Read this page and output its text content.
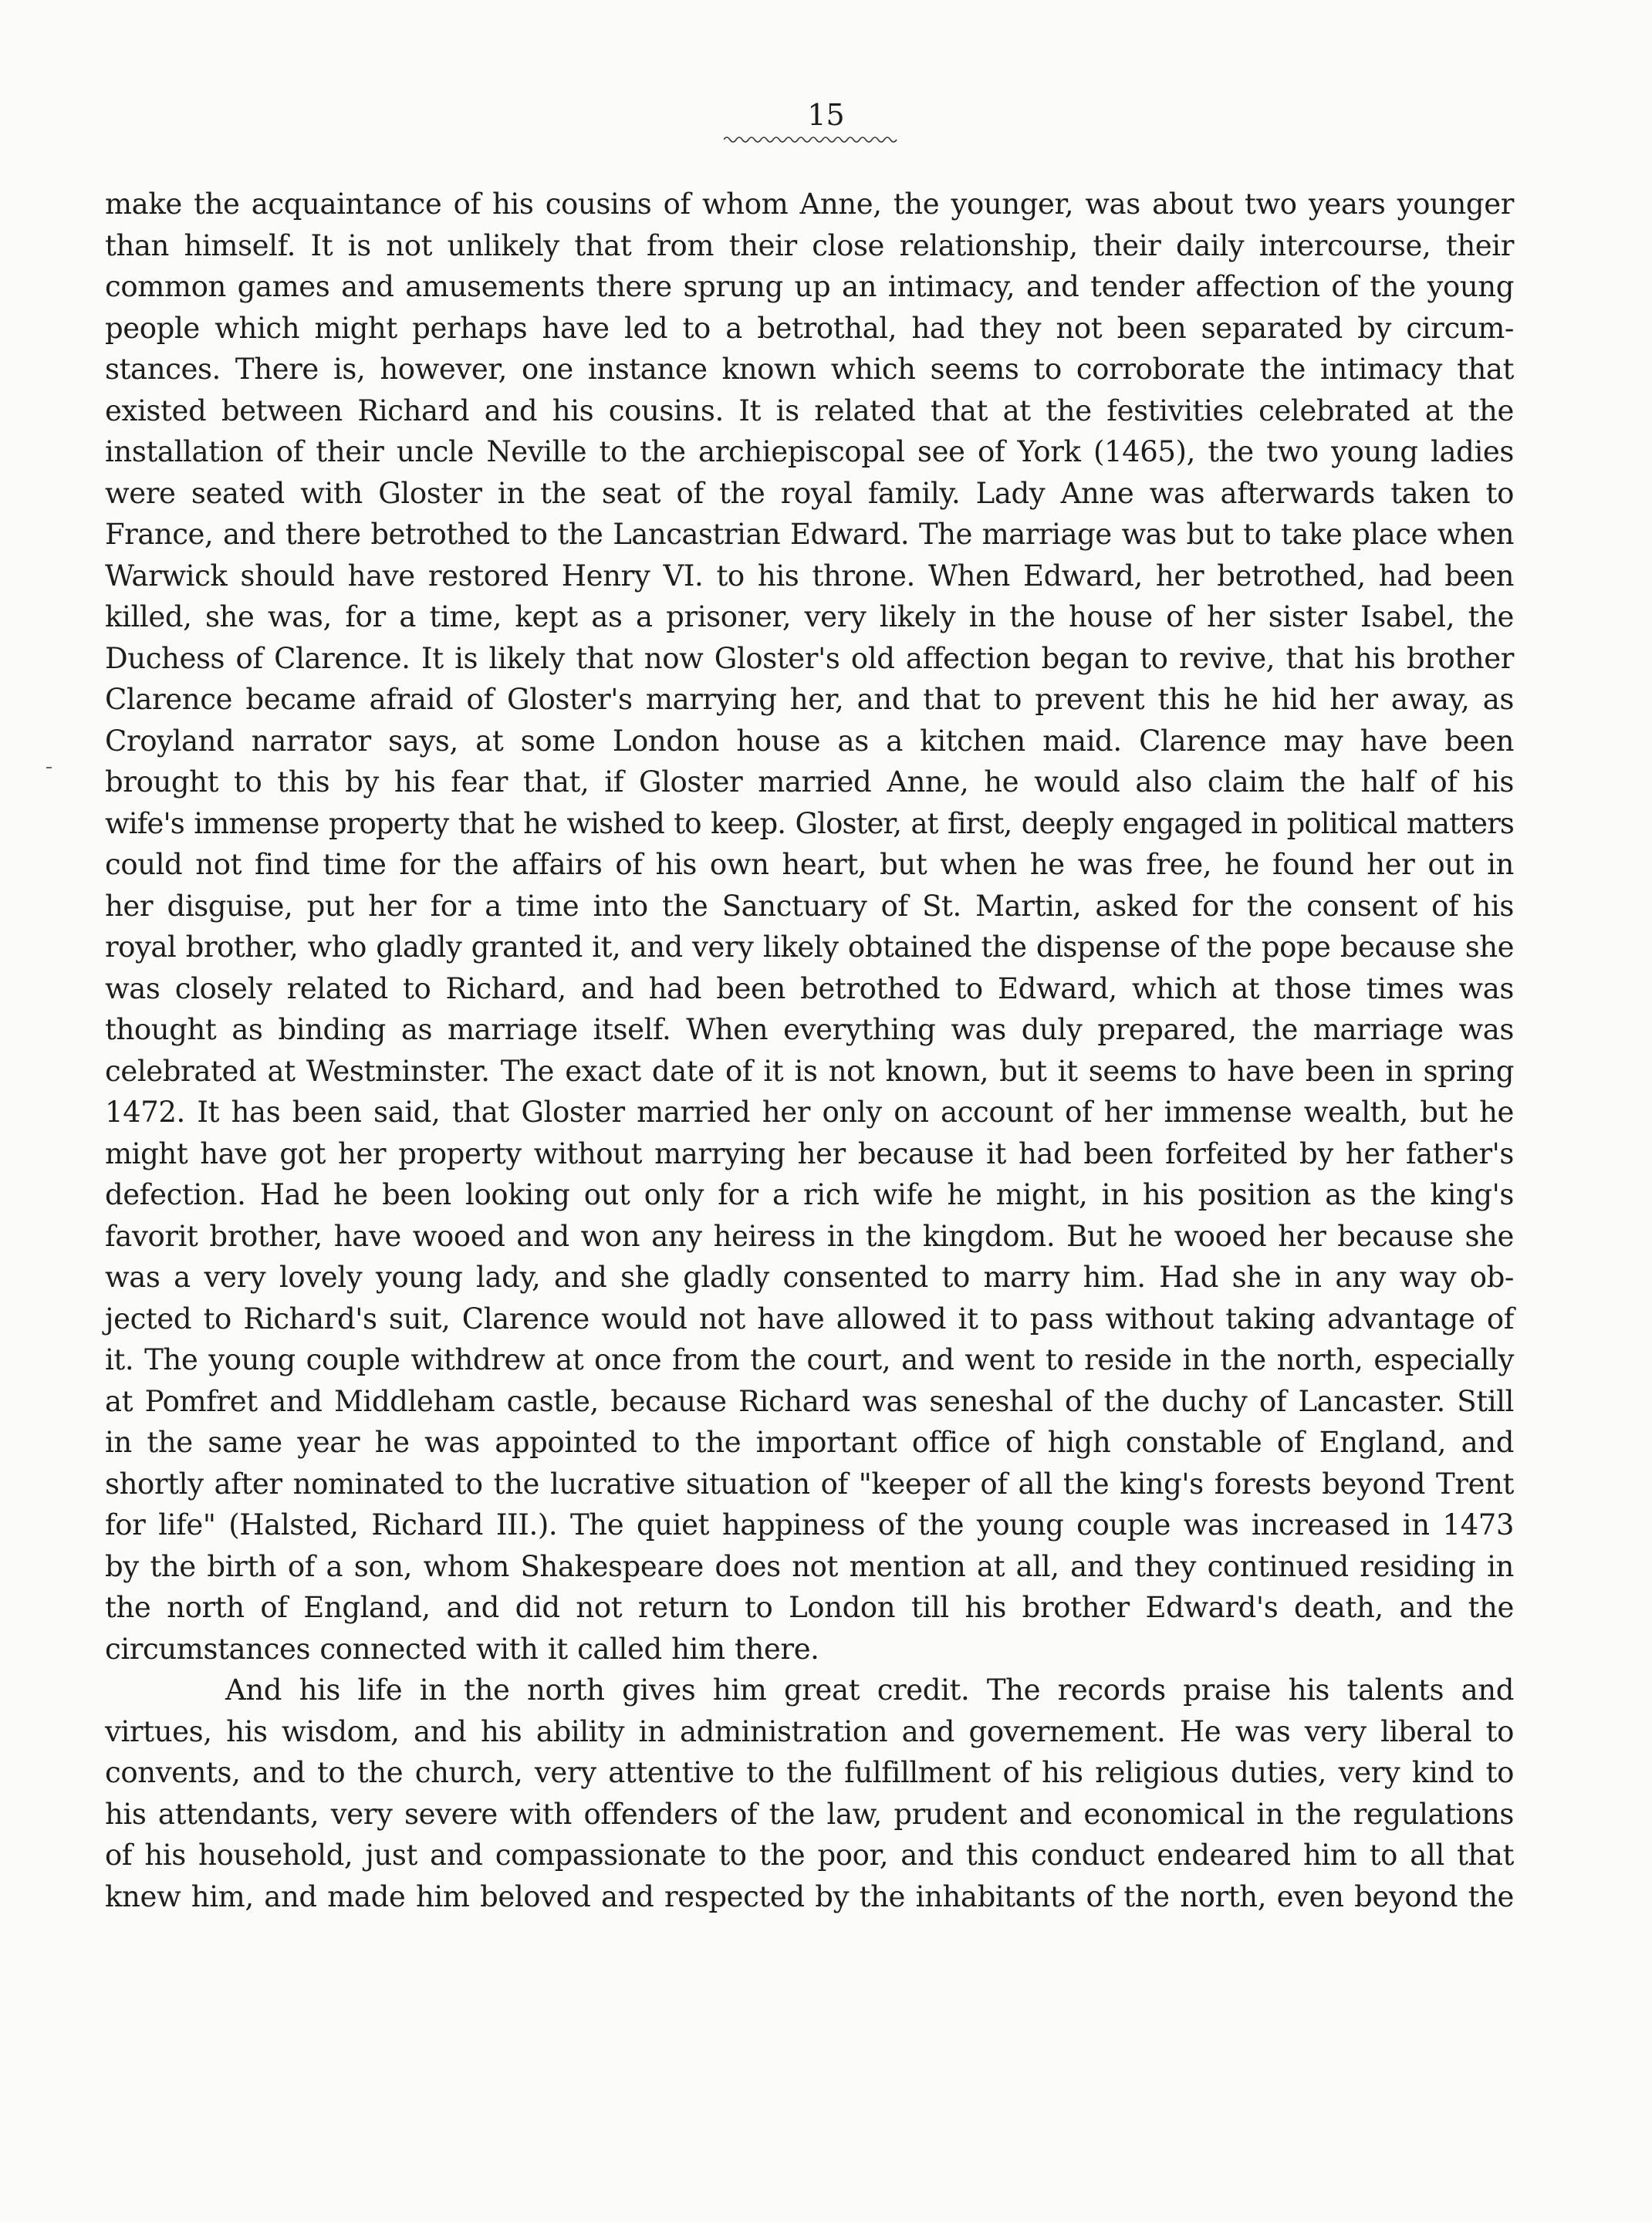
15
make the acquaintance of his cousins of whom Anne, the younger, was about two years younger
than himself. It is not unlikely that from their close relationship, their daily intercourse, their
common games and amusements there sprung up an intimacy, and tender affection of the young
people which might perhaps have led to a betrothal, had they not been separated by circum-
stances. There is, however, one instance known which seems to corroborate the intimacy that
existed between Richard and his cousins. It is related that at the festivities celebrated at the
installation of their uncle Neville to the archiepiscopal see of York (1465), the two young ladies
were seated with Gloster in the seat of the royal family. Lady Anne was afterwards taken to
France, and there betrothed to the Lancastrian Edward. The marriage was but to take place when
Warwick should have restored Henry VI. to his throne. When Edward, her betrothed, had been
killed, she was, for a time, kept as a prisoner, very likely in the house of her sister Isabel, the
Duchess of Clarence. It is likely that now Gloster's old affection began to revive, that his brother
Clarence became afraid of Gloster's marrying her, and that to prevent this he hid her away, as
Croyland narrator says, at some London house as a kitchen maid. Clarence may have been
brought to this by his fear that, if Gloster married Anne, he would also claim the half of his
wife's immense property that he wished to keep. Gloster, at first, deeply engaged in political matters
could not find time for the affairs of his own heart, but when he was free, he found her out in
her disguise, put her for a time into the Sanctuary of St. Martin, asked for the consent of his
royal brother, who gladly granted it, and very likely obtained the dispense of the pope because she
was closely related to Richard, and had been betrothed to Edward, which at those times was
thought as binding as marriage itself. When everything was duly prepared, the marriage was
celebrated at Westminster. The exact date of it is not known, but it seems to have been in spring
1472. It has been said, that Gloster married her only on account of her immense wealth, but he
might have got her property without marrying her because it had been forfeited by her father's
defection. Had he been looking out only for a rich wife he might, in his position as the king's
favorit brother, have wooed and won any heiress in the kingdom. But he wooed her because she
was a very lovely young lady, and she gladly consented to marry him. Had she in any way ob-
jected to Richard's suit, Clarence would not have allowed it to pass without taking advantage of
it. The young couple withdrew at once from the court, and went to reside in the north, especially
at Pomfret and Middleham castle, because Richard was seneshal of the duchy of Lancaster. Still
in the same year he was appointed to the important office of high constable of England, and
shortly after nominated to the lucrative situation of "keeper of all the king's forests beyond Trent
for life" (Halsted, Richard III.). The quiet happiness of the young couple was increased in 1473
by the birth of a son, whom Shakespeare does not mention at all, and they continued residing in
the north of England, and did not return to London till his brother Edward's death, and the
circumstances connected with it called him there.
And his life in the north gives him great credit. The records praise his talents and
virtues, his wisdom, and his ability in administration and governement. He was very liberal to
convents, and to the church, very attentive to the fulfillment of his religious duties, very kind to
his attendants, very severe with offenders of the law, prudent and economical in the regulations
of his household, just and compassionate to the poor, and this conduct endeared him to all that
knew him, and made him beloved and respected by the inhabitants of the north, even beyond the
